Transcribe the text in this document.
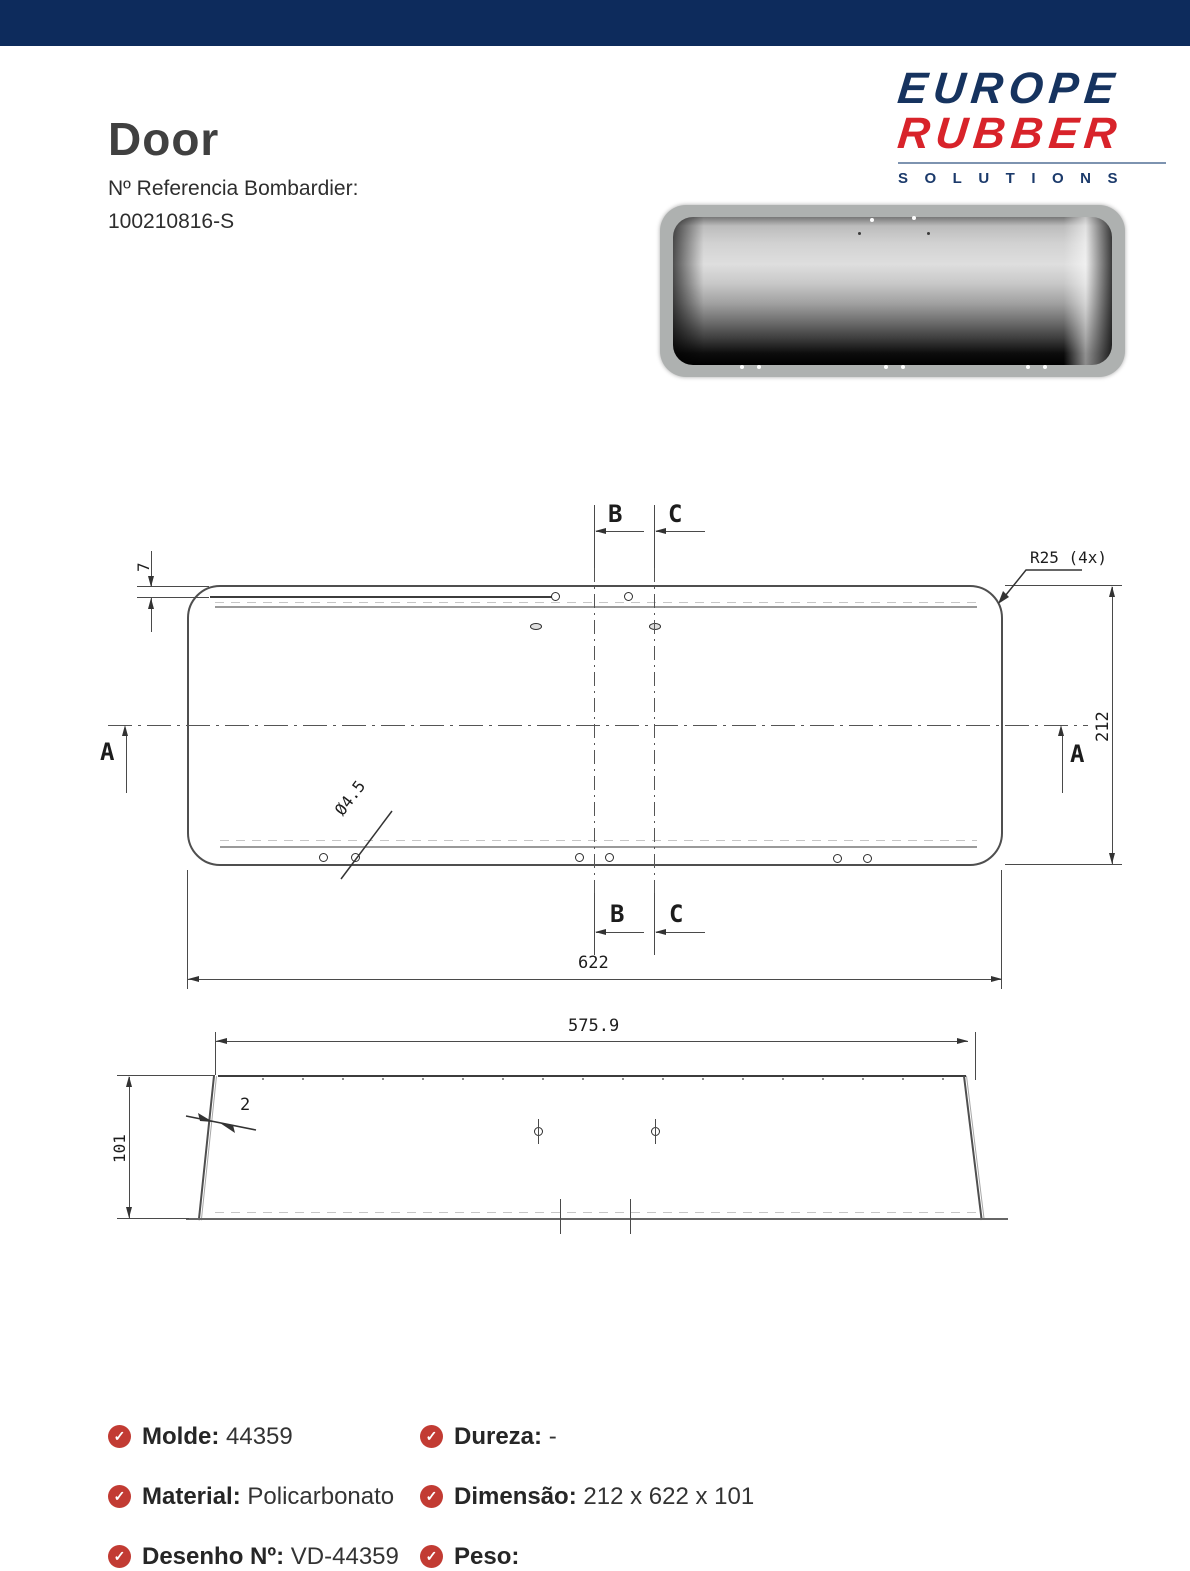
Door
Nº Referencia Bombardier:
100210816-S
EUROPE
RUBBER
SOLUTIONS
A	A
B C
B C
R25 (4x)
7
Ø4.5
212
622
575.9
101
2
✓ Molde: 44359	✓ Dureza: -
✓ Material: Policarbonato	✓ Dimensão: 212 x 622 x 101
✓ Desenho Nº: VD-44359	✓ Peso:
